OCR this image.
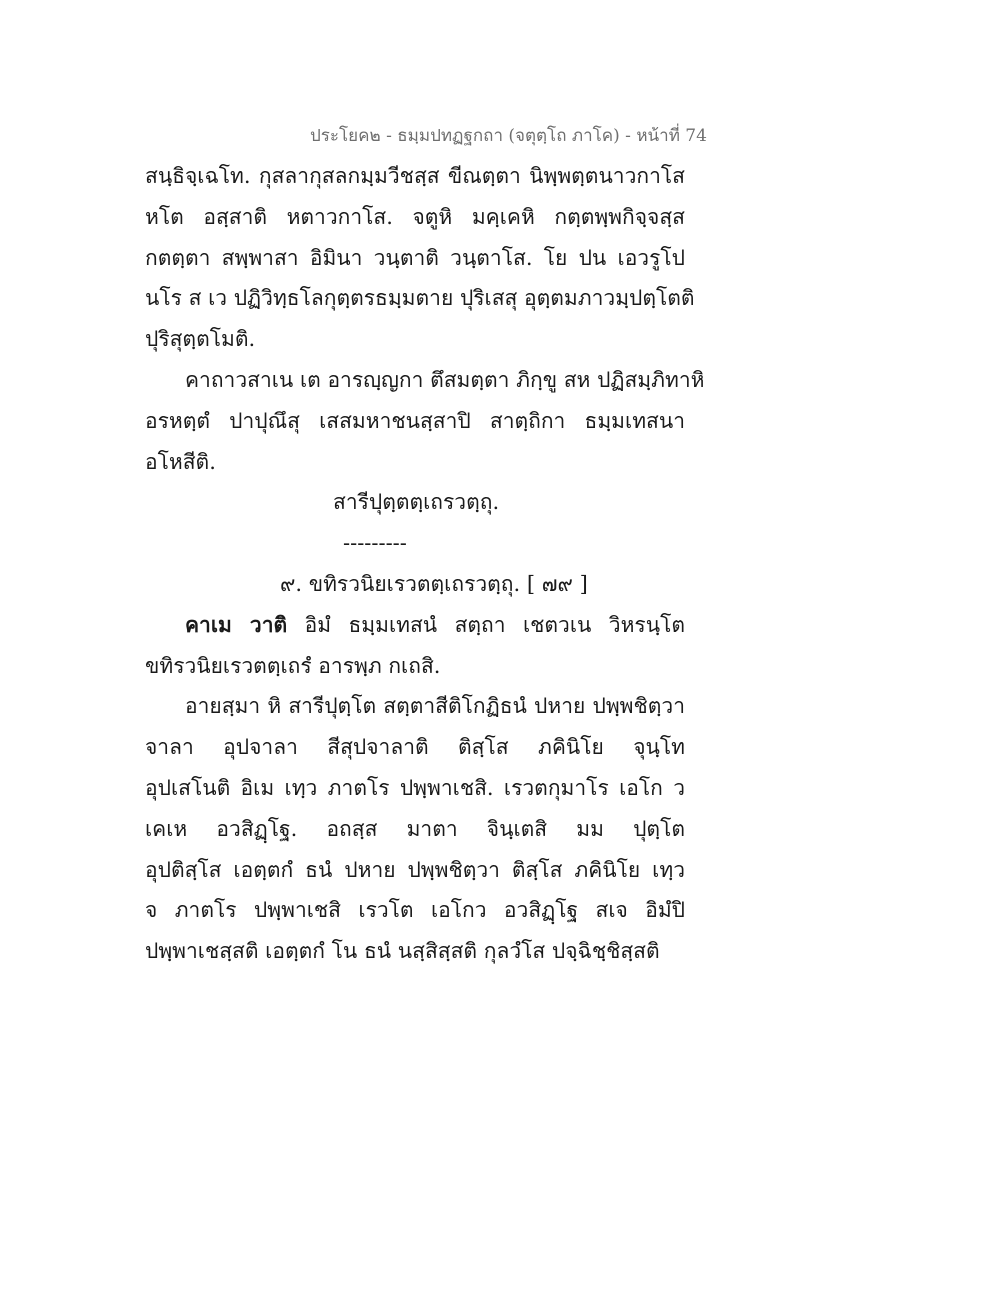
ประโยค๒ - ธมฺมปทฏฐกถา (จตุตฺโถ ภาโค) - หน้าที่ 74
สนฺธิจฺเฉโท. กุสลากุสลกมฺมวีชสฺส ขีณตฺตา นิพฺพตฺตนาวกาโส
หโต อสฺสาติ หตาวกาโส. จตูหิ มคฺเคหิ กตฺตพฺพกิจฺจสฺส
กตตฺตา สพฺพาสา อิมินา วนฺตาติ วนฺตาโส. โย ปน เอวรูโป
นโร ส เว ปฏิวิทฺธโลกุตฺตรธมฺมตาย ปุริเสสุ อุตฺตมภาวมฺปตฺโตติ
ปุริสุตฺตโมติ.
คาถาวสาเน เต อารญฺญกา ตึสมตฺตา ภิกฺขู สห ปฏิสมฺภิทาหิ
อรหตฺตํ ปาปุณึสุ เสสมหาชนสฺสาปิ สาตฺถิกา ธมฺมเทสนา
อโหสีติ.
สารีปุตฺตตฺเถรวตฺถุ.
---------
๙. ขทิรวนิยเรวตตฺเถรวตฺถุ. [ ๗๙ ]
คาเม วาติ อิมํ ธมฺมเทสนํ สตฺถา เชตวเน วิหรนฺโต
ขทิรวนิยเรวตตฺเถรํ อารพฺภ กเถสิ.
อายสฺมา หิ สารีปุตฺโต สตฺตาสีติโกฏิธนํ ปหาย ปพฺพชิตฺวา
จาลา อุปจาลา สีสุปจาลาติ ติสฺโส ภคินิโย จุนฺโท
อุปเสโนติ อิเม เทฺว ภาตโร ปพฺพาเชสิ. เรวตกุมาโร เอโก ว
เคเห อวสิฏฺโฐ. อถสฺส มาตา จินฺเตสิ มม ปุตฺโต
อุปติสฺโส เอตฺตกํ ธนํ ปหาย ปพฺพชิตฺวา ติสฺโส ภคินิโย เทฺว
จ ภาตโร ปพฺพาเชสิ เรวโต เอโกว อวสิฏฺโฐ สเจ อิมํปิ
ปพฺพาเชสฺสติ เอตฺตกํ โน ธนํ นสฺสิสฺสติ กุลวํโส ปจฺฉิชฺชิสฺสติ
